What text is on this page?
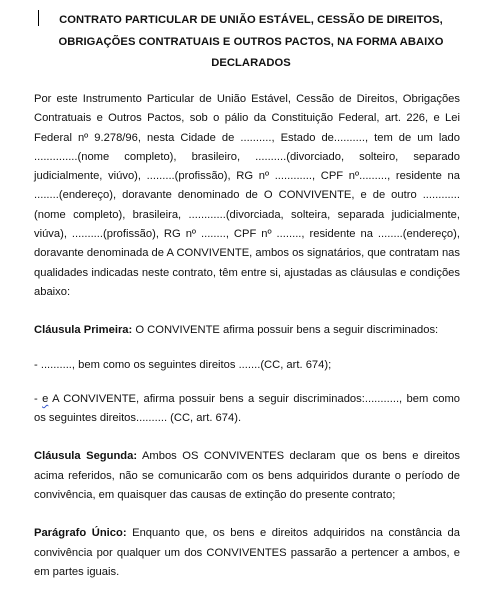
CONTRATO PARTICULAR DE UNIÃO ESTÁVEL, CESSÃO DE DIREITOS, OBRIGAÇÕES CONTRATUAIS E OUTROS PACTOS, NA FORMA ABAIXO DECLARADOS

Por este Instrumento Particular de União Estável, Cessão de Direitos, Obrigações Contratuais e Outros Pactos, sob o pálio da Constituição Federal, art. 226, e Lei Federal nº 9.278/96, nesta Cidade de .........., Estado de.........., tem de um lado ..............(nome completo), brasileiro, ..........(divorciado, solteiro, separado judicialmente, viúvo), .........(profissão), RG nº ............, CPF nº........., residente na ........(endereço), doravante denominado de O CONVIVENTE, e de outro ............ (nome completo), brasileira, ............(divorciada, solteira, separada judicialmente, viúva), ..........(profissão), RG nº ........, CPF nº ........, residente na ........(endereço), doravante denominada de A CONVIVENTE, ambos os signatários, que contratam nas qualidades indicadas neste contrato, têm entre si, ajustadas as cláusulas e condições abaixo:

Cláusula Primeira: O CONVIVENTE afirma possuir bens a seguir discriminados:

- .........., bem como os seguintes direitos .......(CC, art. 674);

- e A CONVIVENTE, afirma possuir bens a seguir discriminados:..........., bem como os seguintes direitos.......... (CC, art. 674).

Cláusula Segunda: Ambos OS CONVIVENTES declaram que os bens e direitos acima referidos, não se comunicarão com os bens adquiridos durante o período de convivência, em quaisquer das causas de extinção do presente contrato;

Parágrafo Único: Enquanto que, os bens e direitos adquiridos na constância da convivência por qualquer um dos CONVIVENTES passarão a pertencer a ambos, e em partes iguais.
